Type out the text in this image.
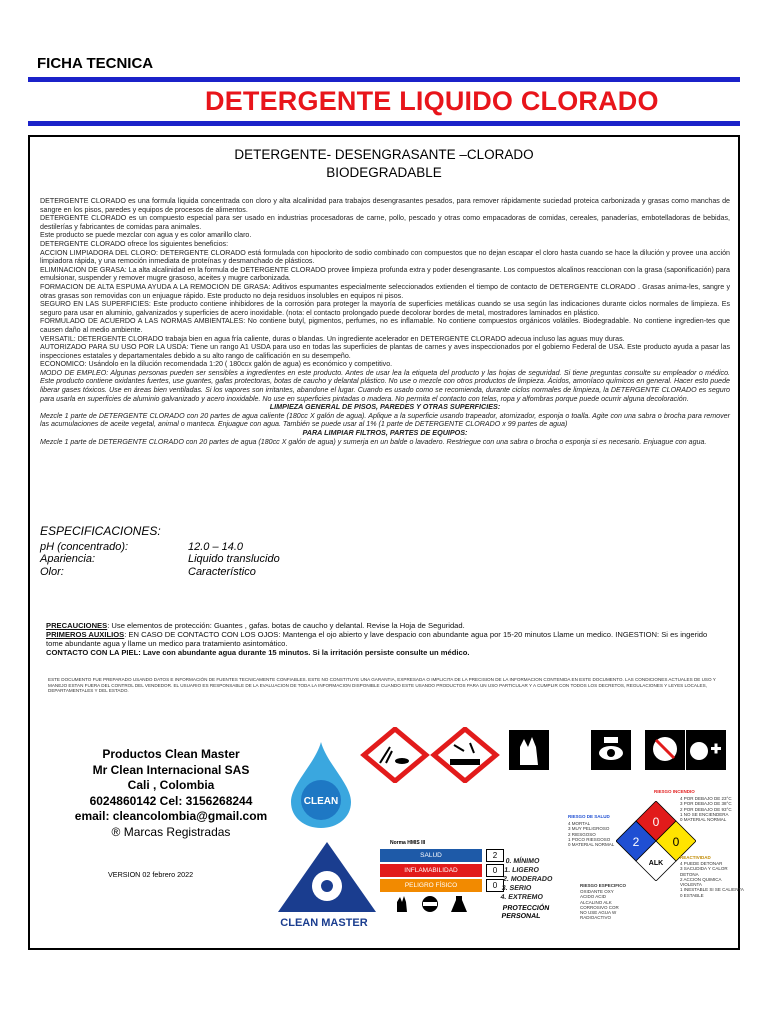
FICHA TECNICA
DETERGENTE LIQUIDO CLORADO
DETERGENTE- DESENGRASANTE –CLORADO
BIODEGRADABLE

DETERGENTE CLORADO es una formula liquida concentrada con cloro y alta alcalinidad para trabajos desengrasantes pesados, para remover rápidamente suciedad proteica carbonizada y grasas como manchas de sangre en los pisos, paredes y equipos de procesos de alimentos.

DETERGENTE CLORADO es un compuesto especial para ser usado en industrias procesadoras de carne, pollo, pescado y otras como empacadoras de comidas, cereales, panaderías, embotelladoras de bebidas, destilerías y fabricantes de comidas para animales.

Este producto se puede mezclar con agua y es color amarillo claro.

DETERGENTE CLORADO ofrece los siguientes beneficios:

ACCION LIMPIADORA DEL CLORO: DETERGENTE CLORADO está formulada con hipoclorito de sodio combinado con compuestos que no dejan escapar el cloro hasta cuando se hace la dilución y provee una acción limpiadora rápida, y una remoción inmediata de proteínas y desmanchado de plásticos.

ELIMINACION DE GRASA: La alta alcalinidad en la formula de DETERGENTE CLORADO provee limpieza profunda extra y poder desengrasante. Los compuestos alcalinos reaccionan con la grasa (saponificación) para emulsionar, suspender y remover mugre grasoso, aceites y mugre carbonizada.

FORMACION DE ALTA ESPUMA AYUDA A LA REMOCION DE GRASA: Aditivos espumantes especialmente seleccionados extienden el tiempo de contacto de DETERGENTE CLORADO . Grasas anima-les, sangre y otras grasas son removidas con un enjuague rápido. Este producto no deja residuos insolubles en equipos ni pisos.

SEGURO EN LAS SUPERFICIES: Este producto contiene inhibidores de la corrosión para proteger la mayoría de superficies metálicas cuando se usa según las indicaciones durante ciclos normales de limpieza. Es seguro para usar en aluminio, galvanizados y superficies de acero inoxidable. (nota: el contacto prolongado puede decolorar bordes de metal, mostradores laminados en plástico.

FORMULADO DE ACUERDO A LAS NORMAS AMBIENTALES: No contiene butyl, pigmentos, perfumes, no es inflamable. No contiene compuestos orgánicos volátiles. Biodegradable. No contiene ingredien-tes que causen daño al medio ambiente.

VERSATIL: DETERGENTE CLORADO trabaja bien en agua fría caliente, duras o blandas. Un ingrediente acelerador en DETERGENTE CLORADO adecua incluso las aguas muy duras.

AUTORIZADO PARA SU USO POR LA USDA: Tiene un rango A1 USDA para uso en todas las superficies de plantas de carnes y aves inspeccionados por el gobierno Federal de USA. Este producto ayuda a pasar las inspecciones estatales y departamentales debido a su alto rango de calificación en su desempeño.

ECONOMICO: Usándolo en la dilución recomendada 1:20 ( 180ccx galón de agua) es económico y competitivo.

MODO DE EMPLEO: Algunas personas pueden ser sensibles a ingredientes en este producto. Antes de usar lea la etiqueta del producto y las hojas de seguridad. Si tiene preguntas consulte su empleador o médico. Este producto contiene oxidantes fuertes, use guantes, gafas protectoras, botas de caucho y delantal plástico. No use o mezcle con otros productos de limpieza. Ácidos, amoníaco químicos en general. Hacer esto puede liberar gases tóxicos. Use en áreas bien ventiladas. Si los vapores son irritantes, abandone el lugar. Cuando es usado como se recomienda, durante ciclos normales de limpieza, la DETERGENTE CLORADO es seguro para usarla en superficies de aluminio galvanizado y acero inoxidable. No use en superficies pintadas o madera. No permita el contacto con telas, ropa y alfombras porque puede ocurrir alguna decoloración.

LIMPIEZA GENERAL DE PISOS, PAREDES Y OTRAS SUPERFICIES:

Mezcle 1 parte de DETERGENTE CLORADO con 20 partes de agua caliente (180cc X galón de agua). Aplique a la superficie usando trapeador, atomizador, esponja o toalla. Agite con una sabra o brocha para remover las acumulaciones de aceite vegetal, animal o manteca. Enjuague con agua. También se puede usar al 1% (1 parte de DETERGENTE CLORADO x 99 partes de agua)

PARA LIMPIAR FILTROS, PARTES DE EQUIPOS:

Mezcle 1 parte de DETERGENTE CLORADO con 20 partes de agua (180cc X galón de agua) y sumerja en un balde o lavadero. Restriegue con una sabra o brocha o esponja si es necesario. Enjuague con agua.

ESPECIFICACIONES:
pH (concentrado):	12.0 – 14.0
Apariencia:	Liquido translucido
Olor:	Característico
PRECAUCIONES: Use elementos de protección: Guantes , gafas. botas de caucho y delantal. Revise la Hoja de Seguridad.
PRIMEROS AUXILIOS: EN CASO DE CONTACTO CON LOS OJOS: Mantenga el ojo abierto y lave despacio con abundante agua por 15-20 minutos Llame un medico. INGESTION: Si es ingerido tome abundante agua y llame un medico para tratamiento asintomático.
CONTACTO CON LA PIEL: Lave con abundante agua durante 15 minutos. Si la irritación persiste consulte un médico.
ESTE DOCUMENTO FUE PREPARADO USANDO DATOS E INFORMACIÓN DE FUENTES TECNICAMENTE CONFIABLES. ESTE NO CONSTITUYE UNA GARANTIA, EXPRESADA O IMPLICITA DE LA PRECISION DE LA INFORMACION CONTENIDA EN ESTE DOCUMENTO. LAS CONDICIONES ACTUALES DE USO Y MANEJO ESTAN FUERA DEL CONTROL DEL VENDEDOR. EL USUARIO ES RESPONSABLE DE LA EVALUACION DE TODA LA INFORMACION DISPONIBLE CUANDO ESTE USANDO PRODUCTOS PARA UN USO PARTICULAR Y A CUMPLIR CON TODOS LOS DECRETOS, REGULACIONES Y LEYES LOCALES, DEPARTAMENTALES Y DEL ESTADO.
Productos Clean Master
Mr Clean Internacional SAS
Cali , Colombia
6024860142 Cel: 3156268244
email: cleancolombia@gmail.com
® Marcas Registradas
VERSION 02 febrero 2022
CLEAN
CLEAN MASTER
Norma HMIS III
SALUD	2
INFLAMABILIDAD	0
PELIGRO FÍSICO	0
0. MÍNIMO
1. LIGERO
2. MODERADO
3. SERIO
4. EXTREMO
PROTECCIÓN
PERSONAL
RIESGO INCENDIO
4 POR DEBAJO DE 23°C
3 POR DEBAJO DE 38°C
2 POR DEBAJO DE 93°C
1 NO SE ENCIENDERA
0 MATERIAL NORMAL
RIESGO DE SALUD
4 MORTAL
3 MUY PELIGROSO
2 RIESGOSO
1 POCO RIESGOSO
0 MATERIAL NORMAL
0
2	0
ALK
REACTIVIDAD
4 PUEDE DETONAR
3 SACUDIDA Y CALOR DETONA
2 ACCION QUIMICA VIOLENTA
1 INESTABLE SI SE CALIENTA
0 ESTABLE
RIESGO ESPECIFICO
OXIDANTE OXY
ACIDO ACID
ALCALINO ALK
CORROSIVO COR
NO USE AGUA W
RADIOACTIVO
